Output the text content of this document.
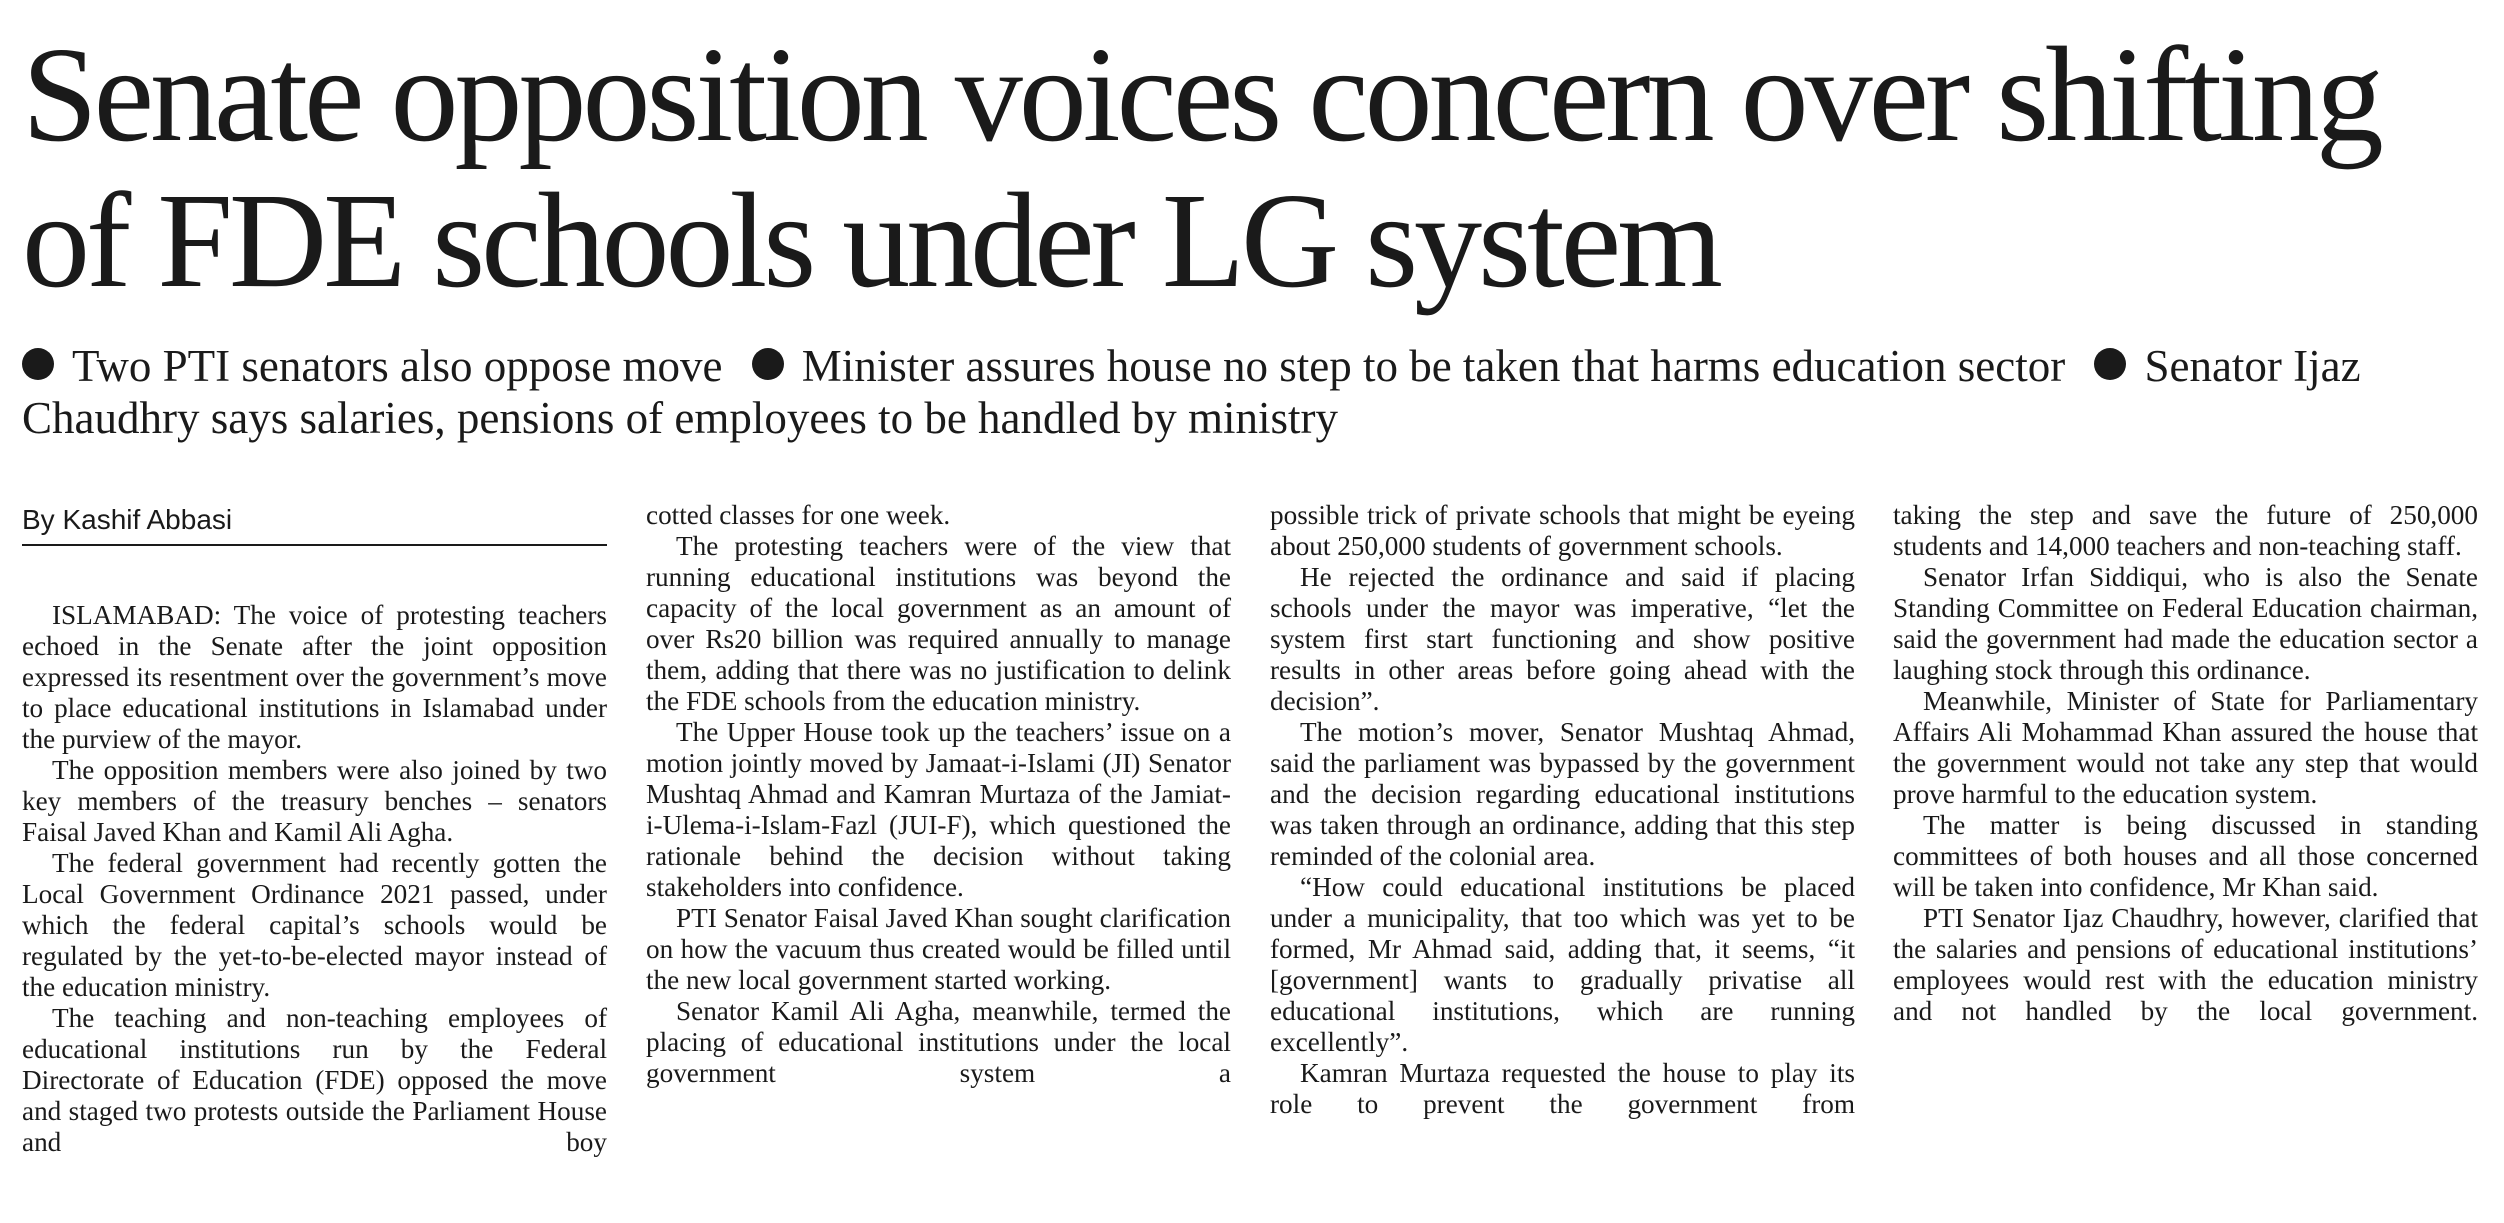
Senate opposition voices concern over shifting
of FDE schools under LG system

Two PTI senators also oppose move Minister assures house no step to be taken that harms education sector Senator Ijaz Chaudhry says salaries, pensions of employees to be handled by ministry

By Kashif Abbasi

ISLAMABAD: The voice of protesting teachers echoed in the Senate after the joint opposition expressed its resentment over the government’s move to place educational institutions in Islamabad under the purview of the mayor.

The opposition members were also joined by two key members of the treasury benches – senators Faisal Javed Khan and Kamil Ali Agha.

The federal government had recently gotten the Local Government Ordinance 2021 passed, under which the federal capital’s schools would be regulated by the yet-to-be-elected mayor instead of the education ministry.

The teaching and non-teaching employees of educational institutions run by the Federal Directorate of Education (FDE) opposed the move and staged two protests outside the Parliament House and boy

cotted classes for one week.

The protesting teachers were of the view that running educational institutions was beyond the capacity of the local government as an amount of over Rs20 billion was required annually to manage them, adding that there was no justification to delink the FDE schools from the education ministry.

The Upper House took up the teachers’ issue on a motion jointly moved by Jamaat-i-Islami (JI) Senator Mushtaq Ahmad and Kamran Murtaza of the Jamiat-i-Ulema-i-Islam-Fazl (JUI-F), which questioned the rationale behind the decision without taking stakeholders into confidence.

PTI Senator Faisal Javed Khan sought clarification on how the vacuum thus created would be filled until the new local government started working.

Senator Kamil Ali Agha, meanwhile, termed the placing of educational institutions under the local government system a

possible trick of private schools that might be eyeing about 250,000 students of government schools.

He rejected the ordinance and said if placing schools under the mayor was imperative, “let the system first start functioning and show positive results in other areas before going ahead with the decision”.

The motion’s mover, Senator Mushtaq Ahmad, said the parliament was bypassed by the government and the decision regarding educational institutions was taken through an ordinance, adding that this step reminded of the colonial area.

“How could educational institutions be placed under a municipality, that too which was yet to be formed, Mr Ahmad said, adding that, it seems, “it [government] wants to gradually privatise all educational institutions, which are running excellently”.

Kamran Murtaza requested the house to play its role to prevent the government from

taking the step and save the future of 250,000 students and 14,000 teachers and non-teaching staff.

Senator Irfan Siddiqui, who is also the Senate Standing Committee on Federal Education chairman, said the government had made the education sector a laughing stock through this ordinance.

Meanwhile, Minister of State for Parliamentary Affairs Ali Mohammad Khan assured the house that the government would not take any step that would prove harmful to the education system.

The matter is being discussed in standing committees of both houses and all those concerned will be taken into confidence, Mr Khan said.

PTI Senator Ijaz Chaudhry, however, clarified that the salaries and pensions of educational institutions’ employees would rest with the education ministry and not handled by the local government.
